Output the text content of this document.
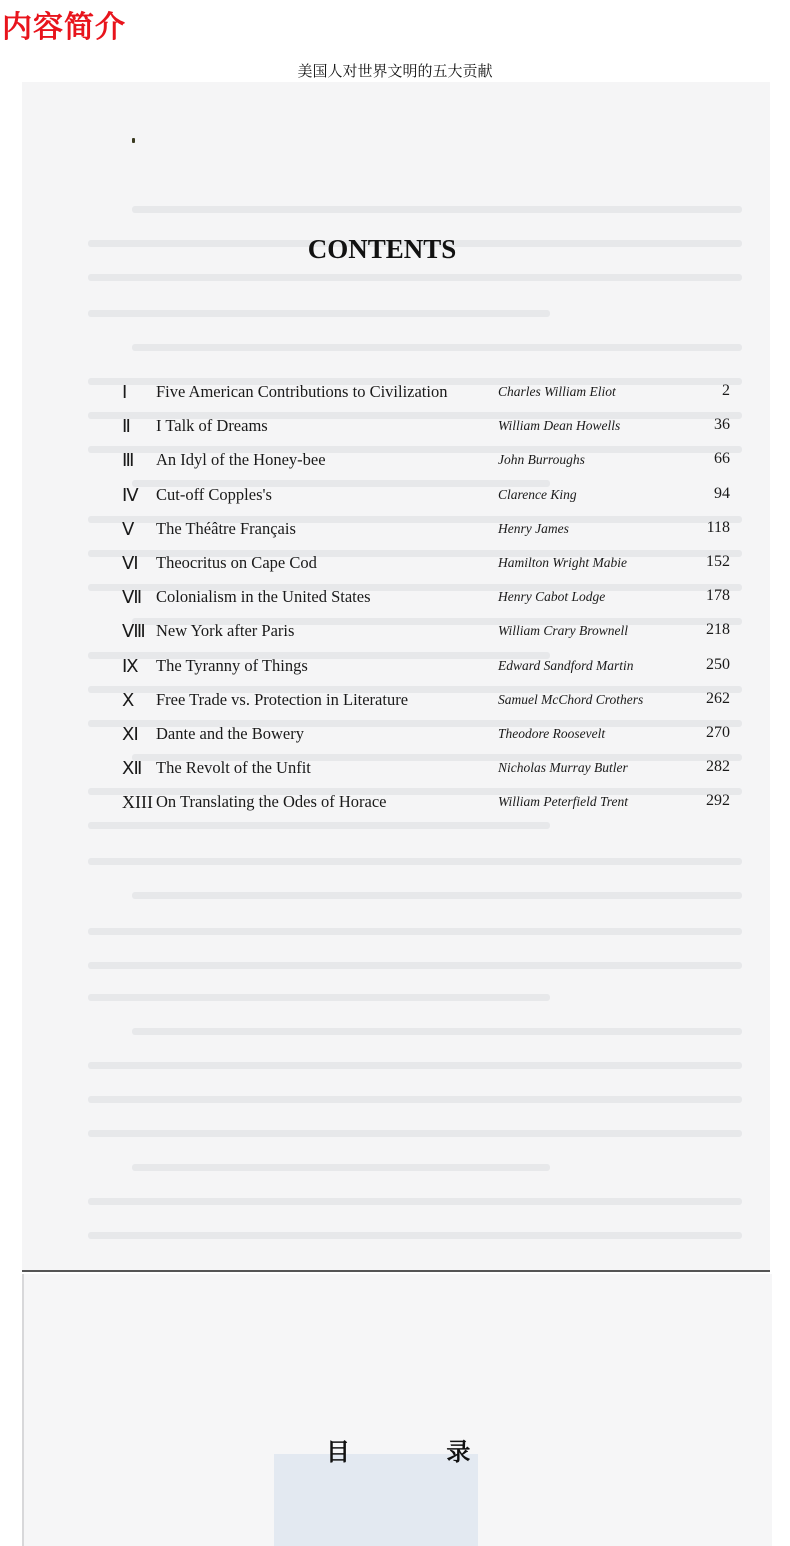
内容简介
美国人对世界文明的五大贡献
CONTENTS
Ⅰ Five American Contributions to Civilization	Charles William Eliot	2
Ⅱ I Talk of Dreams	William Dean Howells	36
Ⅲ An Idyl of the Honey-bee	John Burroughs	66
Ⅳ Cut-off Copples's	Clarence King	94
Ⅴ The Théâtre Français	Henry James	118
Ⅵ Theocritus on Cape Cod	Hamilton Wright Mabie	152
Ⅶ Colonialism in the United States	Henry Cabot Lodge	178
Ⅷ New York after Paris	William Crary Brownell	218
Ⅸ The Tyranny of Things	Edward Sandford Martin	250
Ⅹ Free Trade vs. Protection in Literature	Samuel McChord Crothers	262
Ⅺ Dante and the Bowery	Theodore Roosevelt	270
Ⅻ The Revolt of the Unfit	Nicholas Murray Butler	282
XIII On Translating the Odes of Horace	William Peterfield Trent	292
目 录
